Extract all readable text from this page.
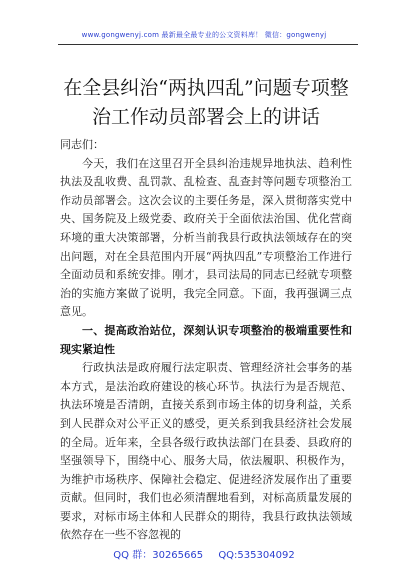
www.gongwenyj.com 最新最全最专业的公文资料库！ 微信：gongwenyj
在全县纠治“两执四乱”问题专项整治工作动员部署会上的讲话

同志们：

今天，我们在这里召开全县纠治违规异地执法、趋利性执法及乱收费、乱罚款、乱检查、乱查封等问题专项整治工作动员部署会。这次会议的主要任务是，深入贯彻落实党中央、国务院及上级党委、政府关于全面依法治国、优化营商环境的重大决策部署，分析当前我县行政执法领域存在的突出问题，对在全县范围内开展“两执四乱”专项整治工作进行全面动员和系统安排。刚才，县司法局的同志已经就专项整治的实施方案做了说明，我完全同意。下面，我再强调三点意见。

一、提高政治站位，深刻认识专项整治的极端重要性和现实紧迫性

行政执法是政府履行法定职责、管理经济社会事务的基本方式，是法治政府建设的核心环节。执法行为是否规范、执法环境是否清朗，直接关系到市场主体的切身利益，关系到人民群众对公平正义的感受，更关系到我县经济社会发展的全局。近年来，全县各级行政执法部门在县委、县政府的坚强领导下，围绕中心、服务大局，依法履职、积极作为，为维护市场秩序、保障社会稳定、促进经济发展作出了重要贡献。但同时，我们也必须清醒地看到，对标高质量发展的要求，对标市场主体和人民群众的期待，我县行政执法领域依然存在一些不容忽视的

QQ 群：30265665 QQ:535304092
